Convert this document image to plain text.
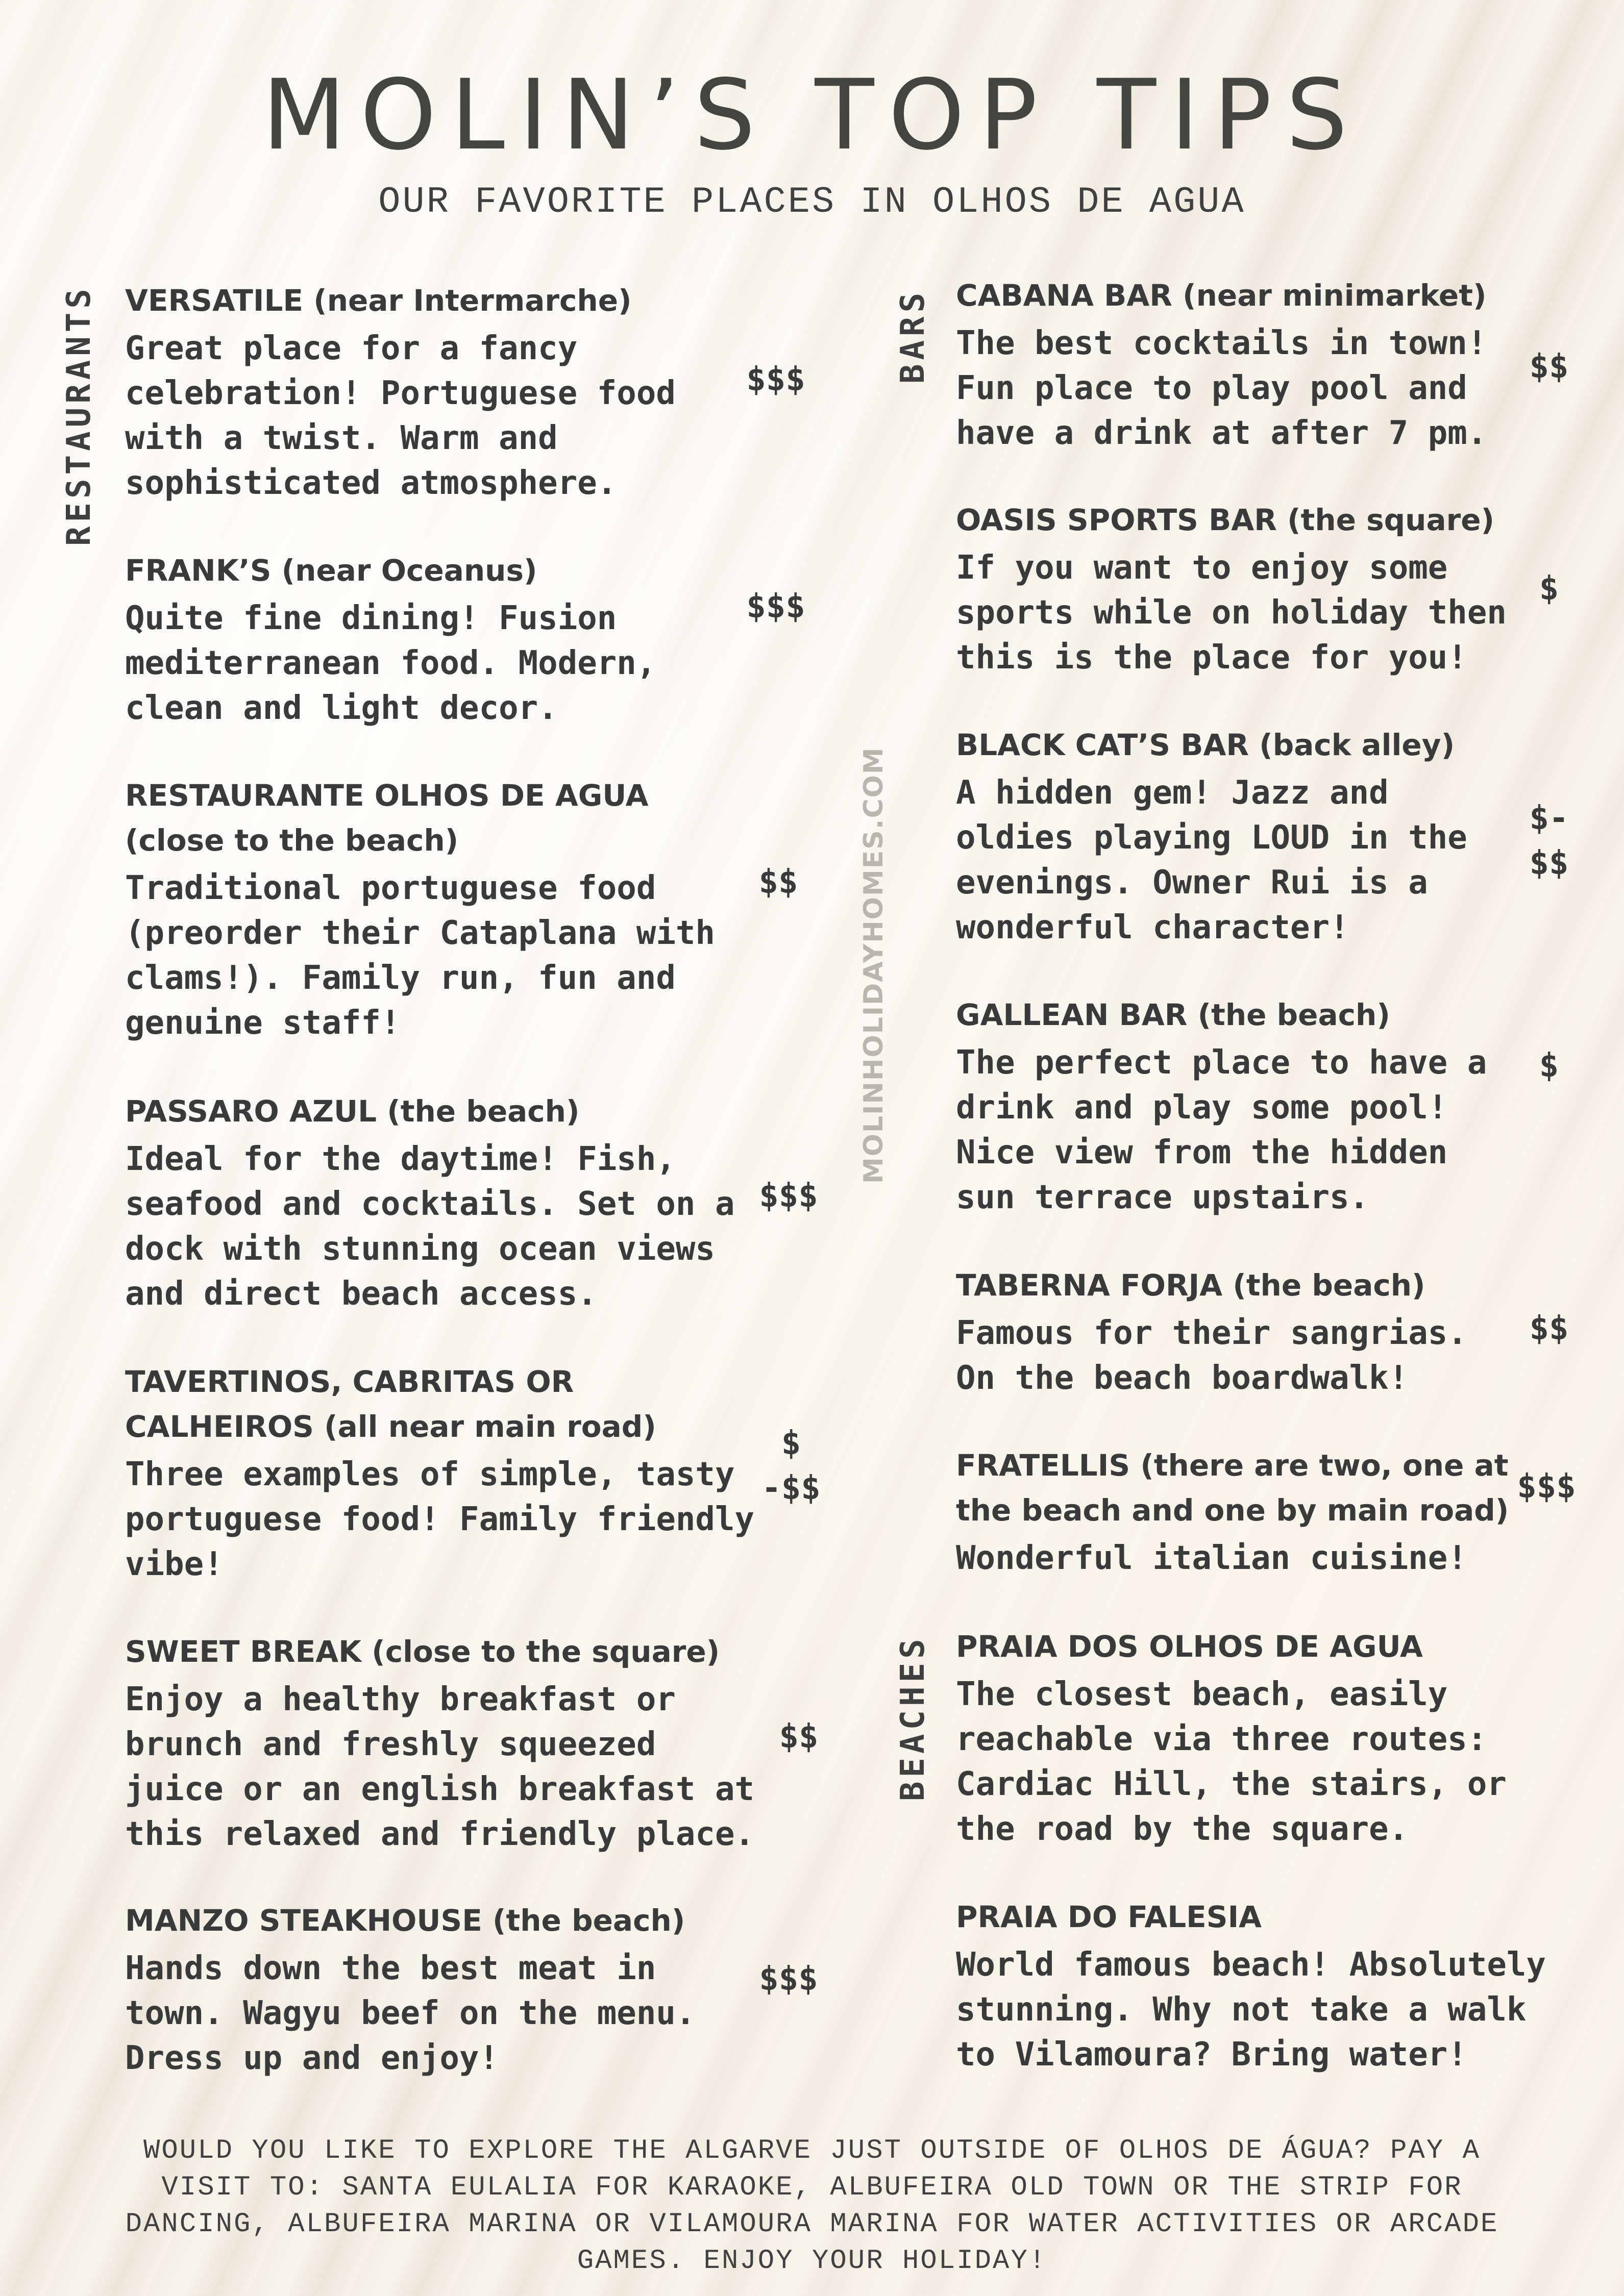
MOLIN’S TOP TIPS

OUR FAVORITE PLACES IN OLHOS DE AGUA

RESTAURANTS	BARS
BEACHES
MOLINHOLIDAYHOMES.COM

VERSATILE (near Intermarche)

Great place for a fancy
celebration! Portuguese food
with a twist. Warm and
sophisticated atmosphere.

$$$

FRANK’S (near Oceanus)

Quite fine dining! Fusion
mediterranean food. Modern,
clean and light decor.

$$$

RESTAURANTE OLHOS DE AGUA
(close to the beach)

Traditional portuguese food
(preorder their Cataplana with
clams!). Family run, fun and
genuine staff!

$$

PASSARO AZUL (the beach)

Ideal for the daytime! Fish,
seafood and cocktails. Set on a
dock with stunning ocean views
and direct beach access.

$$$

TAVERTINOS, CABRITAS OR
CALHEIROS (all near main road)

Three examples of simple, tasty
portuguese food! Family friendly
vibe!

$
-$$

SWEET BREAK (close to the square)

Enjoy a healthy breakfast or
brunch and freshly squeezed
juice or an english breakfast at
this relaxed and friendly place.

$$

MANZO STEAKHOUSE (the beach)

Hands down the best meat in
town. Wagyu beef on the menu.
Dress up and enjoy!

$$$

CABANA BAR (near minimarket)

The best cocktails in town!
Fun place to play pool and
have a drink at after 7 pm.

$$

OASIS SPORTS BAR (the square)

If you want to enjoy some
sports while on holiday then
this is the place for you!

$

BLACK CAT’S BAR (back alley)

A hidden gem! Jazz and
oldies playing LOUD in the
evenings. Owner Rui is a
wonderful character!

$-
$$

GALLEAN BAR (the beach)

The perfect place to have a
drink and play some pool!
Nice view from the hidden
sun terrace upstairs.

$

TABERNA FORJA (the beach)

Famous for their sangrias.
On the beach boardwalk!

$$

FRATELLIS (there are two, one at
the beach and one by main road)

Wonderful italian cuisine!

$$$

PRAIA DOS OLHOS DE AGUA

The closest beach, easily
reachable via three routes:
Cardiac Hill, the stairs, or
the road by the square.

PRAIA DO FALESIA

World famous beach! Absolutely
stunning. Why not take a walk
to Vilamoura? Bring water!

WOULD YOU LIKE TO EXPLORE THE ALGARVE JUST OUTSIDE OF OLHOS DE ÁGUA? PAY A VISIT TO: SANTA EULALIA FOR KARAOKE, ALBUFEIRA OLD TOWN OR THE STRIP FOR DANCING, ALBUFEIRA MARINA OR VILAMOURA MARINA FOR WATER ACTIVITIES OR ARCADE GAMES. ENJOY YOUR HOLIDAY!
